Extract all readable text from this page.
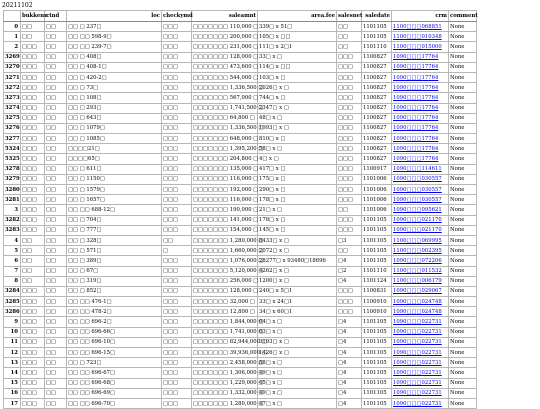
20211102
	bukkenn	ctnd	loc	checkymd	saleamnt	area.fee	salesnet	saledate	crm	comment
0	□□	□□	□□ □ 237□	□□□	□□□□□□□ 110,000 □	339□ x 51□	□□	1101105	1100□□□068851	None
1	□□	□□	□□ □□ 598-9□	□□□	□□□□□□□ 200,000 □	105□ x □□	□□	1101105	1100□□□010348	None
2	□□□	□□	□□ □□ 239-7□	□□□	□□□□□□□ 231,000 □	111□ x 2□1	□□	1101110	1100□□□015000	None
3269	□□□	□□	□□ □ 408□	□□□	□□□□□□□ 128,000 □	33□ x □	□□□	1100827	1090□□□17764	None
3270	□□□	□□	□□ □ 408-1□	□□□	□□□□□□□ 473,600 □	114□ x □□	□□□	1100827	1090□□□17764	None
3271	□□□	□□	□□ □ 420-2□	□□□	□□□□□□□ 544,000 □	103□ x □	□□□	1100827	1090□□□17764	None
3272	□□□	□□	□□ □ 73□	□□□	□□□□□□□ 1,336,500 □	2026□ x □	□□□	1100827	1090□□□17764	None
3273	□□□	□□	□□ □ 108□	□□□	□□□□□□□ 567,000 □	744□ x □	□□□	1100827	1090□□□17764	None
3274	□□□	□□	□□ □ 293□	□□□	□□□□□□□ 1,741,500 □	2347□ x □	□□□	1100827	1090□□□17764	None
3275	□□□	□□	□□ □ 643□	□□□	□□□□□□□ 64,800 □	48□ x □	□□□	1100827	1090□□□17764	None
3276	□□□	□□	□□ □ 1079□	□□□	□□□□□□□ 1,336,500 □	1993□ x □	□□□	1100827	1090□□□17764	None
3277	□□□	□□	□□ □ 1085□	□□□	□□□□□□□ 648,000 □	810□ x □	□□□	1100827	1090□□□17764	None
5324	□□□	□□	□□□□21□	□□□	□□□□□□□ 1,395,200 □	58□ x □	□□□	1100827	1090□□□17764	None
5325	□□□	□□	□□□□65□	□□□	□□□□□□□ 204,800 □	4□ x □	□□□	1100827	1090□□□17764	None
3278	□□□	□□	□□ □ 611□	□□□	□□□□□□□ 135,000 □	417□ x □	□□□	1100917	1090□□□114611	None
3279	□□□	□□	□□ □ 1150□	□□□	□□□□□□□ 116,000 □	175□ x □	□□□	1101006	1090□□□030557	None
3280	□□□	□□	□□ □ 1579□	□□□	□□□□□□□ 192,000 □	290□ x □	□□□	1101006	1090□□□030557	None
3281	□□□	□□	□□ □ 1657□	□□□	□□□□□□□ 116,000 □	178□ x □	□□□	1101006	1090□□□030557	None
3	□□□	□□	□□ □□ 688-12□	□□□	□□□□□□□ 190,000 □	21□ x □	□□	1101006	1090□□□095621	None
3282	□□□	□□	□□ □ 704□	□□□	□□□□□□□ 141,000 □	178□ x □	□□□	1101105	1090□□□021170	None
3283	□□□	□□	□□ □ 777□	□□□	□□□□□□□ 154,000 □	145□ x □	□□□	1101105	1090□□□021170	None
4	□□	□□	□□ □ 328□	□□	□□□□□□□ 1,280,000 □	8433□ x □	□3	1101105	1100□□□069995	None
5	□□	□□	□□ □ 571□	□	□□□□□□□ 1,660,000 □	2072□ x □	□□	1101105	1100□□□002395	None
6	□□	□□	□□ □ 389□	□□□	□□□□□□□ 1,076,000 □	28277□ x 93480□18696	□4	1101105	1090□□□072206	None
7	□□	□□	□□ □ 67□	□□□	□□□□□□□ 5,120,000 □	4262□ x □	□2	1101110	1100□□□011532	None
8	□□	□□	□□ □ 319□	□□□	□□□□□□□ 256,000 □	1200□ x □	□4	1101124	1100□□□006179	None
3284	□□□	□□	□□ □ 852□	□□□	□□□□□□□ 128,000 □	240□ x 5□1	□□□	1100831	1090□□□029067	None
3285	□□□	□□	□□ □□ 476-1□	□□□	□□□□□□□ 32,000 □	33□ x 24□1	□□□	1100910	1090□□□024748	None
3286	□□□	□□	□□ □□ 478-2□	□□□	□□□□□□□ 12,800 □	34□ x 60□1	□□□	1100910	1090□□□024748	None
9	□□□	□□	□□ □□ 696-2□	□□□	□□□□□□□ 1,844,000 □	64□ x □	□4	1101105	1090□□□022731	None
10	□□□	□□	□□ □□ 696-66□	□□□	□□□□□□□ 1,741,000 □	63□ x □	□4	1101105	1090□□□022731	None
11	□□□	□□	□□ □□ 696-10□	□□□	□□□□□□□ 82,944,000 □	3193□ x □	□4	1101105	1090□□□022731	None
12	□□□	□□	□□ □□ 696-15□	□□□	□□□□□□□ 39,936,000 □	1426□ x □	□4	1101105	1090□□□022731	None
13	□□□	□□	□□ □ 723□	□□□	□□□□□□□ 2,458,000 □	88□ x □	□4	1101105	1090□□□022731	None
14	□□□	□□	□□ □□ 696-67□	□□□	□□□□□□□ 1,306,000 □	49□ x □	□4	1101105	1090□□□022731	None
15	□□□	□□	□□ □□ 696-68□	□□□	□□□□□□□ 1,229,000 □	45□ x □	□4	1101105	1090□□□022731	None
16	□□□	□□	□□ □□ 696-69□	□□□	□□□□□□□ 1,332,000 □	49□ x □	□4	1101105	1090□□□022731	None
17	□□□	□□	□□ □□ 696-70□	□□□	□□□□□□□ 1,280,000 □	47□ x □	□4	1101105	1090□□□022731	None
